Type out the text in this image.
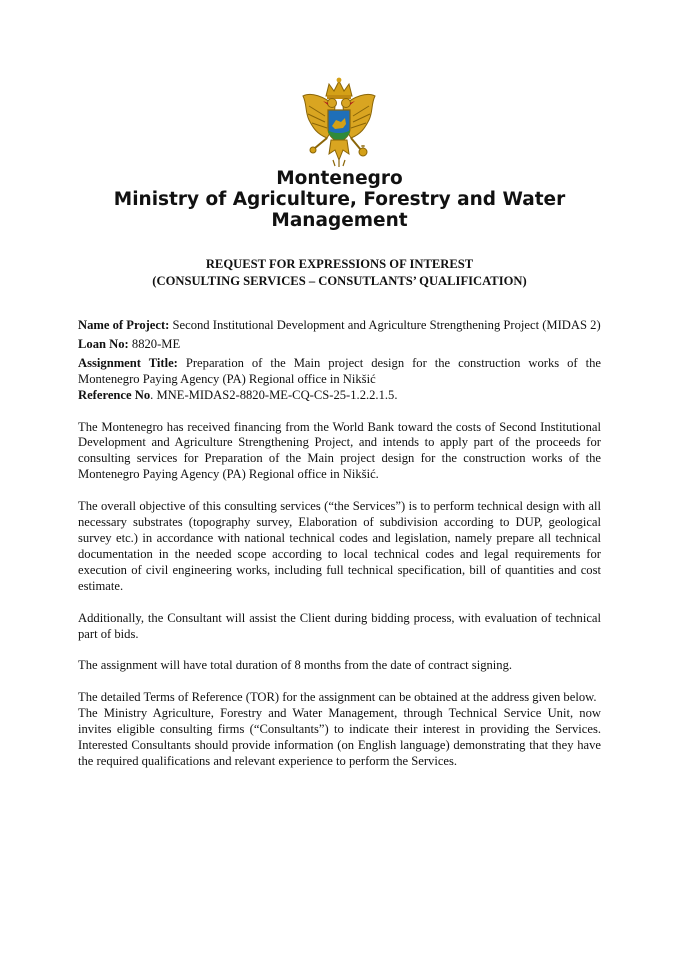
Montenegro
Ministry of Agriculture, Forestry and Water
Management
REQUEST FOR EXPRESSIONS OF INTEREST
(CONSULTING SERVICES – CONSUTLANTS’ QUALIFICATION)

Name of Project: Second Institutional Development and Agriculture Strengthening Project (MIDAS 2)

Loan No: 8820-ME

Assignment Title: Preparation of the Main project design for the construction works of the Montenegro Paying Agency (PA) Regional office in Nikšić

Reference No. MNE-MIDAS2-8820-ME-CQ-CS-25-1.2.2.1.5.

The Montenegro has received financing from the World Bank toward the costs of Second Institutional Development and Agriculture Strengthening Project, and intends to apply part of the proceeds for consulting services for Preparation of the Main project design for the construction works of the Montenegro Paying Agency (PA) Regional office in Nikšić.

The overall objective of this consulting services (“the Services”) is to perform technical design with all necessary substrates (topography survey, Elaboration of subdivision according to DUP, geological survey etc.) in accordance with national technical codes and legislation, namely prepare all technical documentation in the needed scope according to local technical codes and legal requirements for execution of civil engineering works, including full technical specification, bill of quantities and cost estimate.

Additionally, the Consultant will assist the Client during bidding process, with evaluation of technical part of bids.

The assignment will have total duration of 8 months from the date of contract signing.

The detailed Terms of Reference (TOR) for the assignment can be obtained at the address given below.

The Ministry Agriculture, Forestry and Water Management, through Technical Service Unit, now invites eligible consulting firms (“Consultants”) to indicate their interest in providing the Services. Interested Consultants should provide information (on English language) demonstrating that they have the required qualifications and relevant experience to perform the Services.
